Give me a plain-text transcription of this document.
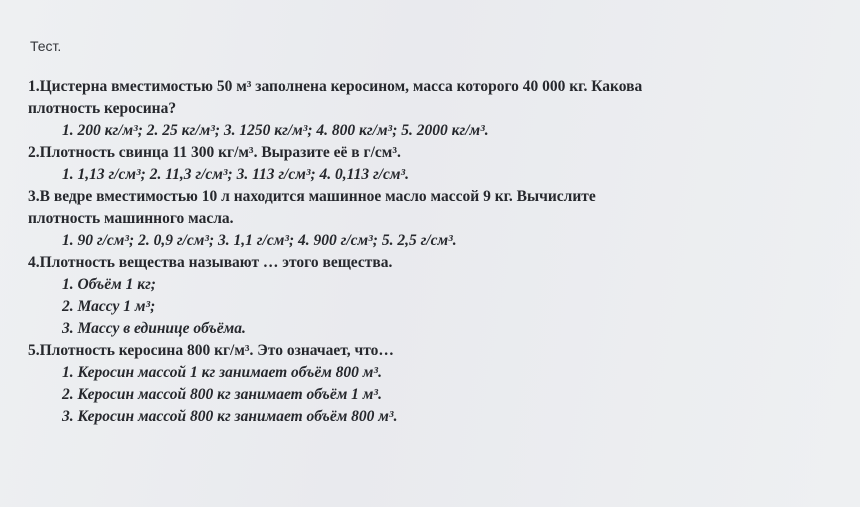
Тест.
1.Цистерна вместимостью 50 м³ заполнена керосином, масса которого 40 000 кг. Какова
плотность керосина?
1. 200 кг/м³; 2. 25 кг/м³; 3. 1250 кг/м³; 4. 800 кг/м³; 5. 2000 кг/м³.
2.Плотность свинца 11 300 кг/м³. Выразите её в г/см³.
1. 1,13 г/см³; 2. 11,3 г/см³; 3. 113 г/см³; 4. 0,113 г/см³.
3.В ведре вместимостью 10 л находится машинное масло массой 9 кг. Вычислите
плотность машинного масла.
1. 90 г/см³; 2. 0,9 г/см³; 3. 1,1 г/см³; 4. 900 г/см³; 5. 2,5 г/см³.
4.Плотность вещества называют … этого вещества.
1. Объём 1 кг;
2. Массу 1 м³;
3. Массу в единице объёма.
5.Плотность керосина 800 кг/м³. Это означает, что…
1. Керосин массой 1 кг занимает объём 800 м³.
2. Керосин массой 800 кг занимает объём 1 м³.
3. Керосин массой 800 кг занимает объём 800 м³.
